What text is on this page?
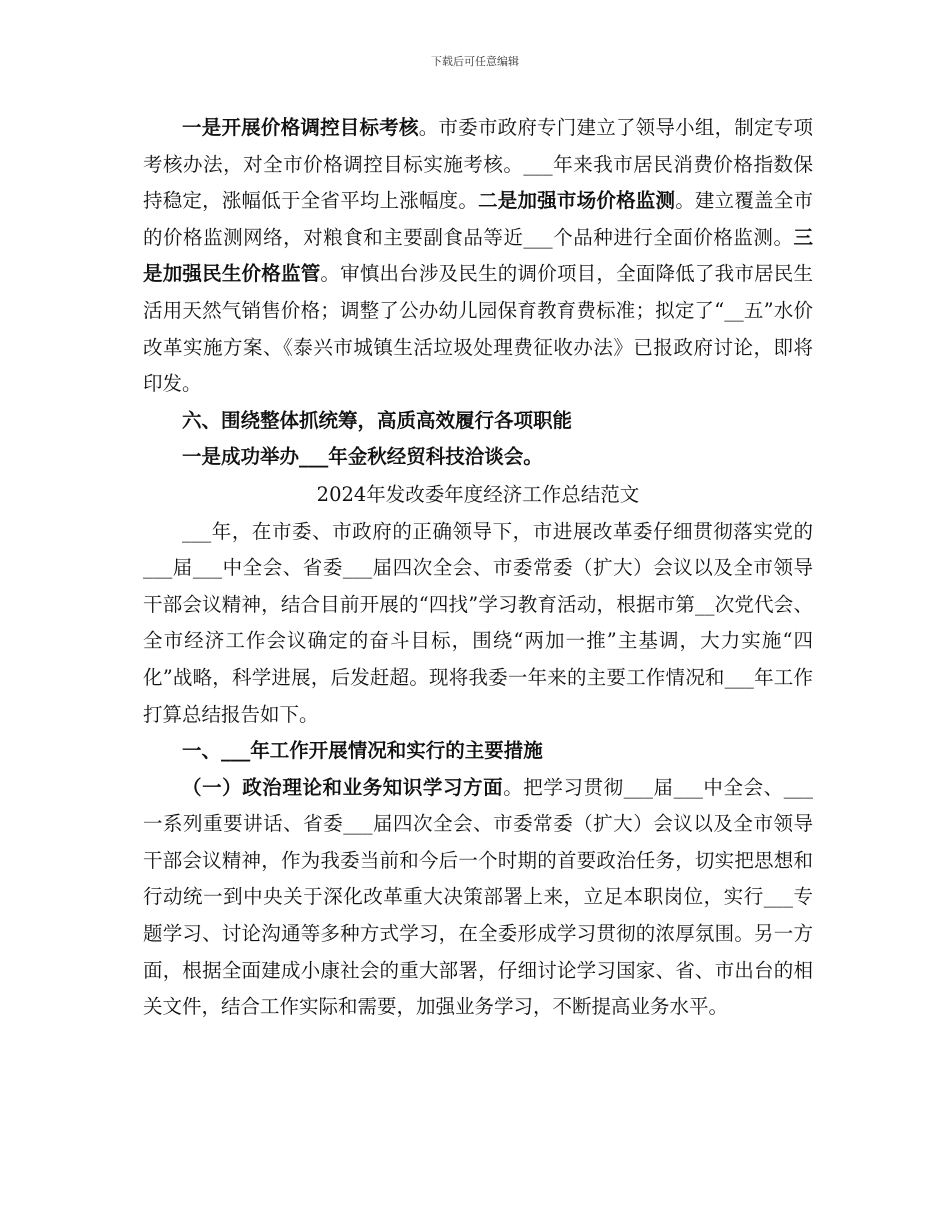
下载后可任意编辑

一是开展价格调控目标考核。市委市政府专门建立了领导小组，制定专项考核办法，对全市价格调控目标实施考核。___年来我市居民消费价格指数保持稳定，涨幅低于全省平均上涨幅度。二是加强市场价格监测。建立覆盖全市的价格监测网络，对粮食和主要副食品等近___个品种进行全面价格监测。三是加强民生价格监管。审慎出台涉及民生的调价项目，全面降低了我市居民生活用天然气销售价格；调整了公办幼儿园保育教育费标准；拟定了“__五”水价改革实施方案、《泰兴市城镇生活垃圾处理费征收办法》已报政府讨论，即将印发。

六、围绕整体抓统筹，高质高效履行各项职能

一是成功举办___年金秋经贸科技洽谈会。

2024年发改委年度经济工作总结范文

___年，在市委、市政府的正确领导下，市进展改革委仔细贯彻落实党的___届___中全会、省委___届四次全会、市委常委（扩大）会议以及全市领导干部会议精神，结合目前开展的“四找”学习教育活动，根据市第__次党代会、全市经济工作会议确定的奋斗目标，围绕“两加一推”主基调，大力实施“四化”战略，科学进展，后发赶超。现将我委一年来的主要工作情况和___年工作打算总结报告如下。

一、___年工作开展情况和实行的主要措施

（一）政治理论和业务知识学习方面。把学习贯彻___届___中全会、___一系列重要讲话、省委___届四次全会、市委常委（扩大）会议以及全市领导干部会议精神，作为我委当前和今后一个时期的首要政治任务，切实把思想和行动统一到中央关于深化改革重大决策部署上来，立足本职岗位，实行___专题学习、讨论沟通等多种方式学习，在全委形成学习贯彻的浓厚氛围。另一方面，根据全面建成小康社会的重大部署，仔细讨论学习国家、省、市出台的相关文件，结合工作实际和需要，加强业务学习，不断提高业务水平。
